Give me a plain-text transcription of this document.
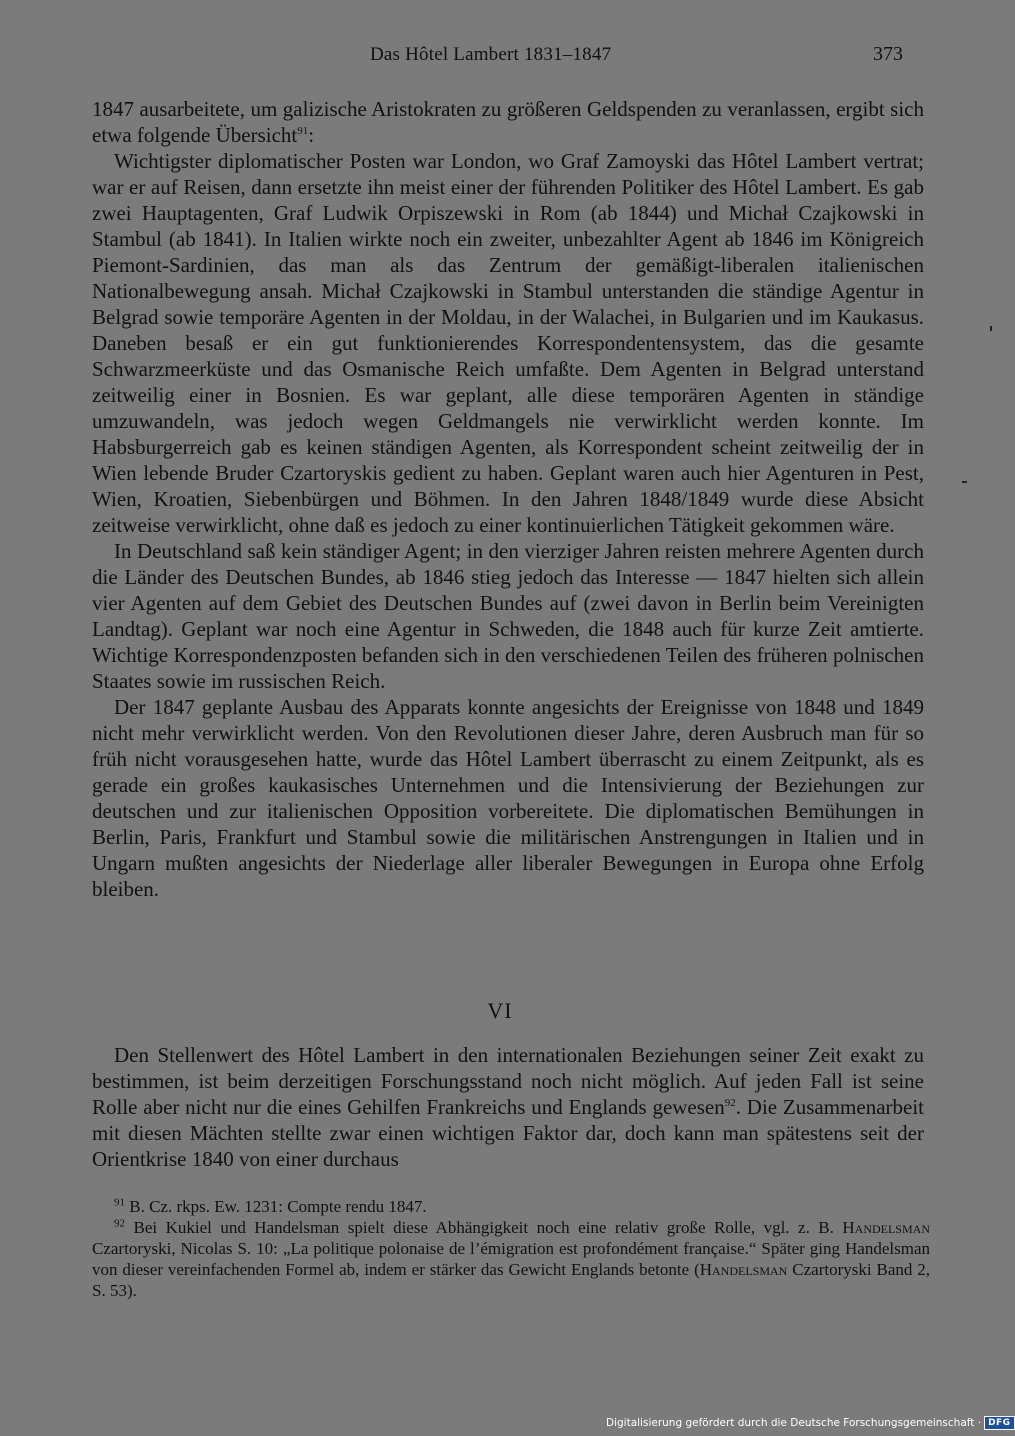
Das Hôtel Lambert 1831–1847	373

1847 ausarbeitete, um galizische Aristokraten zu größeren Geldspenden zu veranlassen, ergibt sich etwa folgende Übersicht$^{91}$:

Wichtigster diplomatischer Posten war London, wo Graf Zamoyski das Hôtel Lambert vertrat; war er auf Reisen, dann ersetzte ihn meist einer der führenden Politiker des Hôtel Lambert. Es gab zwei Hauptagenten, Graf Ludwik Orpiszewski in Rom (ab 1844) und Michał Czajkowski in Stambul (ab 1841). In Italien wirkte noch ein zweiter, unbezahlter Agent ab 1846 im Königreich Piemont-Sardinien, das man als das Zentrum der gemäßigt-liberalen italienischen Nationalbewegung ansah. Michał Czajkowski in Stambul unterstanden die ständige Agentur in Belgrad sowie temporäre Agenten in der Moldau, in der Walachei, in Bulgarien und im Kaukasus. Daneben besaß er ein gut funktionierendes Korrespondentensystem, das die gesamte Schwarzmeerküste und das Osmanische Reich umfaßte. Dem Agenten in Belgrad unterstand zeitweilig einer in Bosnien. Es war geplant, alle diese temporären Agenten in ständige umzuwandeln, was jedoch wegen Geldmangels nie verwirklicht werden konnte. Im Habsburgerreich gab es keinen ständigen Agenten, als Korrespondent scheint zeitweilig der in Wien lebende Bruder Czartoryskis gedient zu haben. Geplant waren auch hier Agenturen in Pest, Wien, Kroatien, Siebenbürgen und Böhmen. In den Jahren 1848/1849 wurde diese Absicht zeitweise verwirklicht, ohne daß es jedoch zu einer kontinuierlichen Tätigkeit gekommen wäre.

In Deutschland saß kein ständiger Agent; in den vierziger Jahren reisten mehrere Agenten durch die Länder des Deutschen Bundes, ab 1846 stieg jedoch das Interesse — 1847 hielten sich allein vier Agenten auf dem Gebiet des Deutschen Bundes auf (zwei davon in Berlin beim Vereinigten Landtag). Geplant war noch eine Agentur in Schweden, die 1848 auch für kurze Zeit amtierte. Wichtige Korrespondenzposten befanden sich in den verschiedenen Teilen des früheren polnischen Staates sowie im russischen Reich.

Der 1847 geplante Ausbau des Apparats konnte angesichts der Ereignisse von 1848 und 1849 nicht mehr verwirklicht werden. Von den Revolutionen dieser Jahre, deren Ausbruch man für so früh nicht vorausgesehen hatte, wurde das Hôtel Lambert überrascht zu einem Zeitpunkt, als es gerade ein großes kaukasisches Unternehmen und die Intensivierung der Beziehungen zur deutschen und zur italienischen Opposition vorbereitete. Die diplomatischen Bemühungen in Berlin, Paris, Frankfurt und Stambul sowie die militärischen Anstrengungen in Italien und in Ungarn mußten angesichts der Niederlage aller liberaler Bewegungen in Europa ohne Erfolg bleiben.

VI

Den Stellenwert des Hôtel Lambert in den internationalen Beziehungen seiner Zeit exakt zu bestimmen, ist beim derzeitigen Forschungsstand noch nicht möglich. Auf jeden Fall ist seine Rolle aber nicht nur die eines Gehilfen Frankreichs und Englands gewesen$^{92}$. Die Zusammenarbeit mit diesen Mächten stellte zwar einen wichtigen Faktor dar, doch kann man spätestens seit der Orientkrise 1840 von einer durchaus

$^{91}$ B. Cz. rkps. Ew. 1231: Compte rendu 1847.

$^{92}$ Bei Kukiel und Handelsman spielt diese Abhängigkeit noch eine relativ große Rolle, vgl. z. B. Handelsman Czartoryski, Nicolas S. 10: „La politique polonaise de l’émigration est profondément française.“ Später ging Handelsman von dieser vereinfachenden Formel ab, indem er stärker das Gewicht Englands betonte (Handelsman Czartoryski Band 2, S. 53).

Digitalisierung gefördert durch die Deutsche Forschungsgemeinschaft · DFG
